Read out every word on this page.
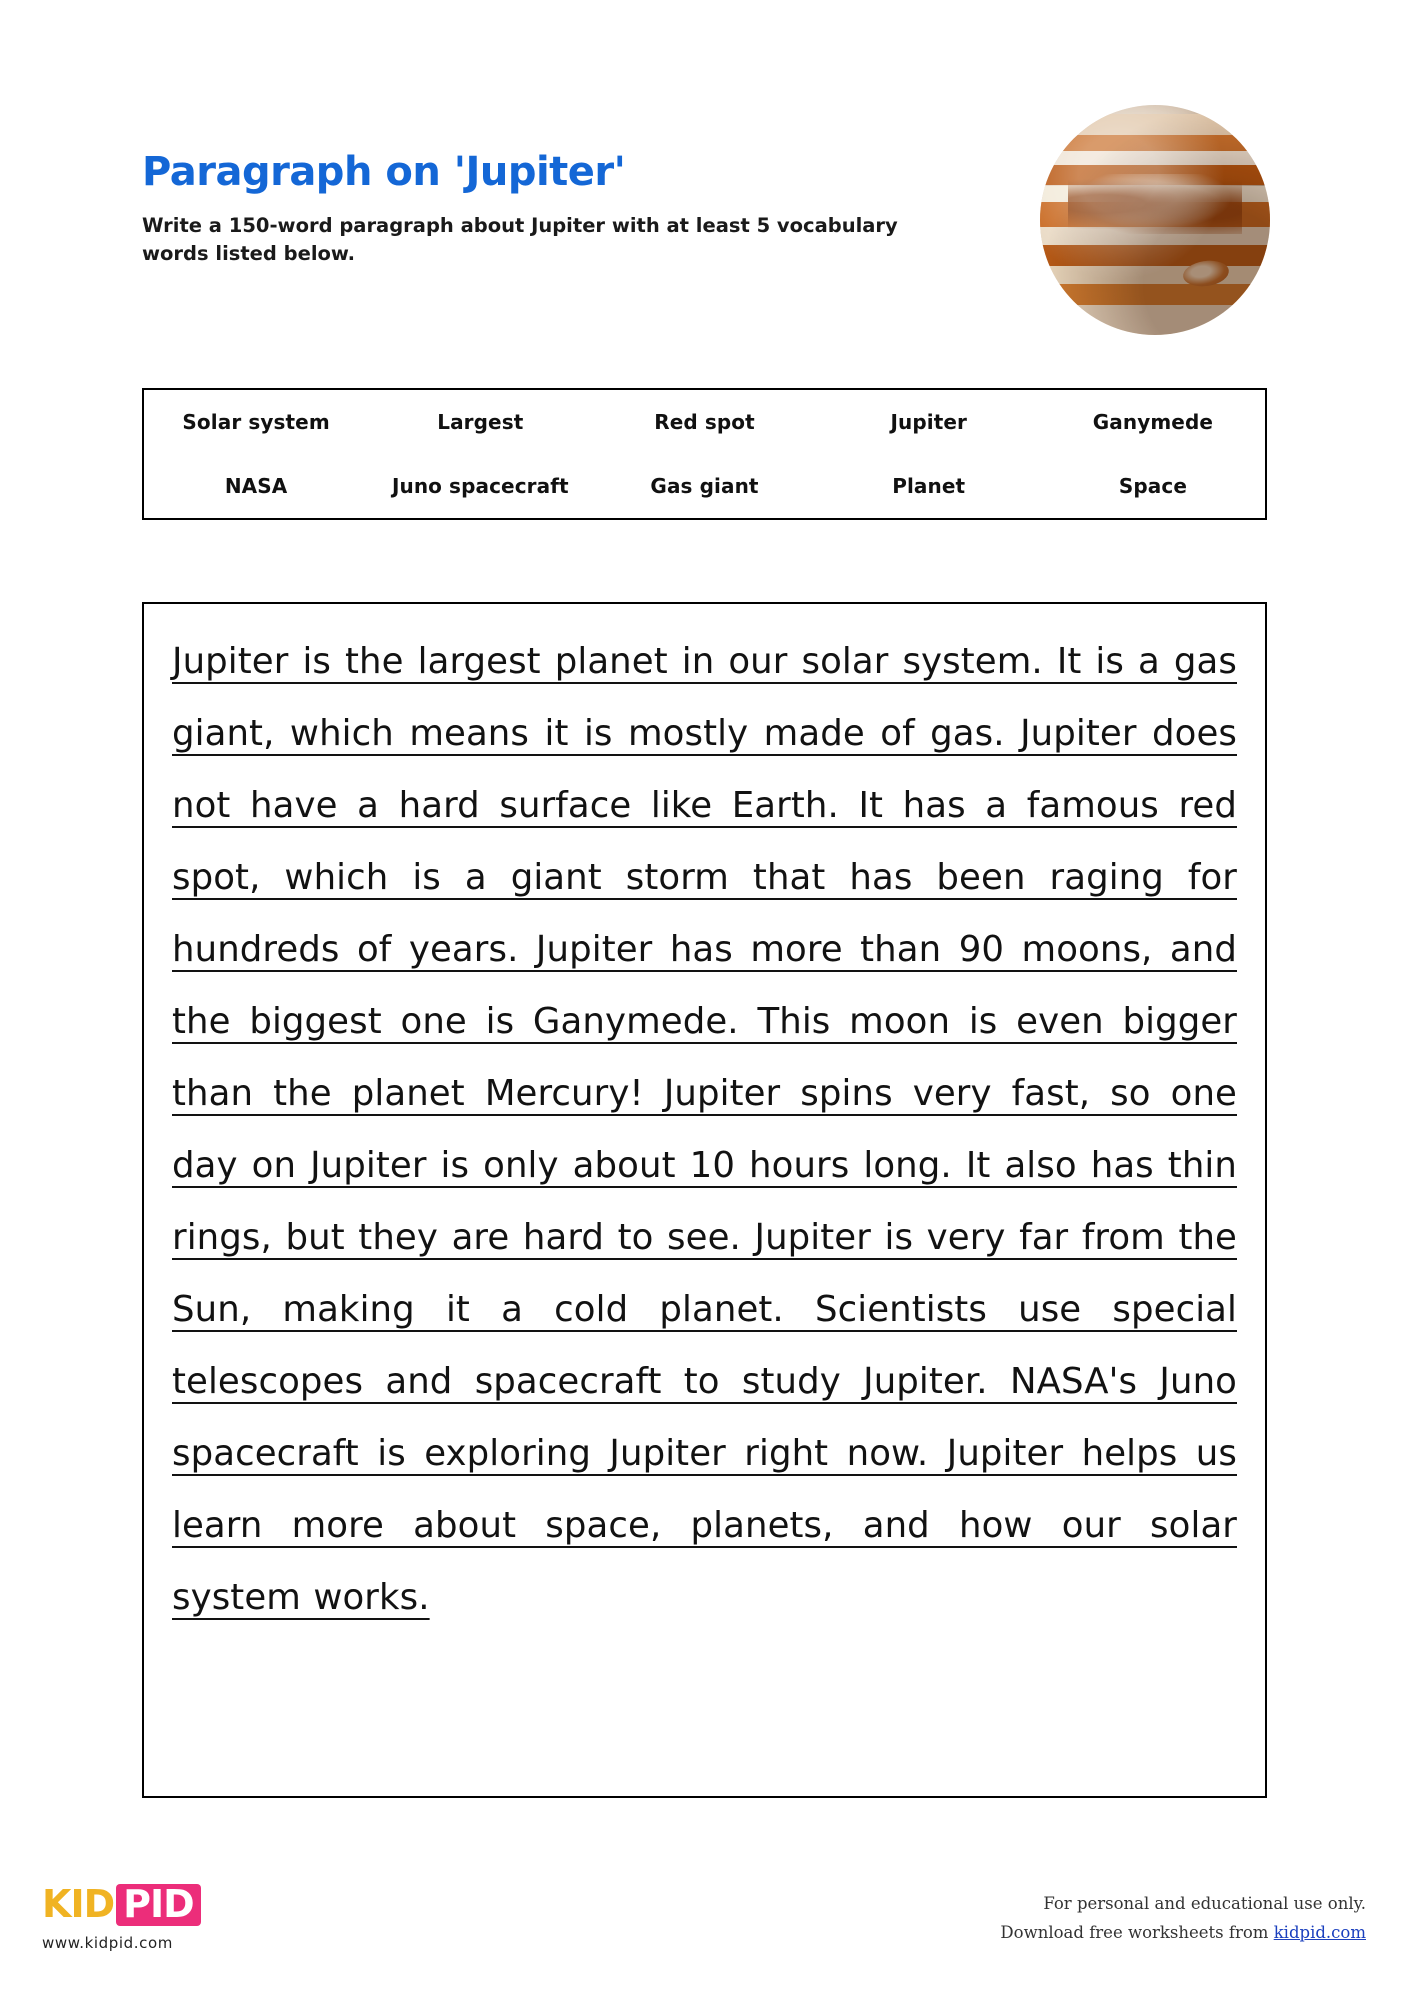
Paragraph on 'Jupiter'

Write a 150-word paragraph about Jupiter with at least 5 vocabulary words listed below.

Solar system	Largest	Red spot	Jupiter	Ganymede
NASA	Juno spacecraft	Gas giant	Planet	Space
Jupiter is the largest planet in our solar system. It is a gas giant, which means it is mostly made of gas. Jupiter does not have a hard surface like Earth. It has a famous red spot, which is a giant storm that has been raging for hundreds of years. Jupiter has more than 90 moons, and the biggest one is Ganymede. This moon is even bigger than the planet Mercury! Jupiter spins very fast, so one day on Jupiter is only about 10 hours long. It also has thin rings, but they are hard to see. Jupiter is very far from the Sun, making it a cold planet. Scientists use special telescopes and spacecraft to study Jupiter. NASA's Juno spacecraft is exploring Jupiter right now. Jupiter helps us learn more about space, planets, and how our solar system works.
KID PID
www.kidpid.com
For personal and educational use only.
Download free worksheets from kidpid.com
